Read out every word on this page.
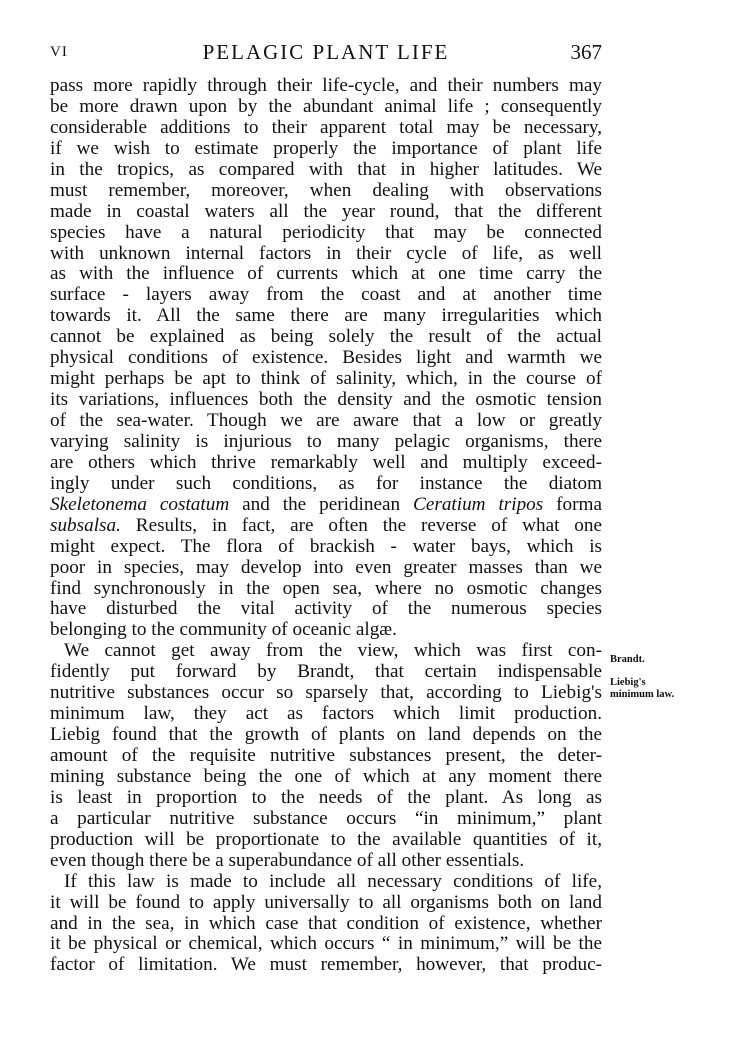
VI	PELAGIC PLANT LIFE	367
pass more rapidly through their life-cycle, and their numbers may
be more drawn upon by the abundant animal life ; consequently
considerable additions to their apparent total may be necessary,
if we wish to estimate properly the importance of plant life
in the tropics, as compared with that in higher latitudes. We
must remember, moreover, when dealing with observations
made in coastal waters all the year round, that the different
species have a natural periodicity that may be connected
with unknown internal factors in their cycle of life, as well
as with the influence of currents which at one time carry the
surface - layers away from the coast and at another time
towards it. All the same there are many irregularities which
cannot be explained as being solely the result of the actual
physical conditions of existence. Besides light and warmth we
might perhaps be apt to think of salinity, which, in the course of
its variations, influences both the density and the osmotic tension
of the sea-water. Though we are aware that a low or greatly
varying salinity is injurious to many pelagic organisms, there
are others which thrive remarkably well and multiply exceed-
ingly under such conditions, as for instance the diatom
Skeletonema costatum and the peridinean Ceratium tripos forma
subsalsa. Results, in fact, are often the reverse of what one
might expect. The flora of brackish - water bays, which is
poor in species, may develop into even greater masses than we
find synchronously in the open sea, where no osmotic changes
have disturbed the vital activity of the numerous species
belonging to the community of oceanic algæ.
We cannot get away from the view, which was first con-
fidently put forward by Brandt, that certain indispensable
nutritive substances occur so sparsely that, according to Liebig's
minimum law, they act as factors which limit production.
Liebig found that the growth of plants on land depends on the
amount of the requisite nutritive substances present, the deter-
mining substance being the one of which at any moment there
is least in proportion to the needs of the plant. As long as
a particular nutritive substance occurs “in minimum,” plant
production will be proportionate to the available quantities of it,
even though there be a superabundance of all other essentials.
If this law is made to include all necessary conditions of life,
it will be found to apply universally to all organisms both on land
and in the sea, in which case that condition of existence, whether
it be physical or chemical, which occurs “ in minimum,” will be the
factor of limitation. We must remember, however, that produc-
Brandt.
Liebig's
minimum law.
